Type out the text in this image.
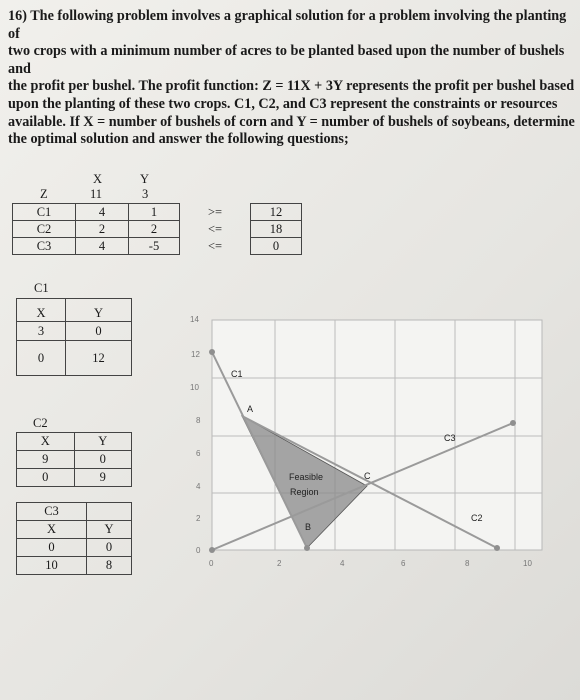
16) The following problem involves a graphical solution for a problem involving the planting of

two crops with a minimum number of acres to be planted based upon the number of bushels and

the profit per bushel. The profit function: Z = 11X + 3Y represents the profit per bushel based

upon the planting of these two crops. C1, C2, and C3 represent the constraints or resources

available. If X = number of bushels of corn and Y = number of bushels of soybeans, determine

the optimal solution and answer the following questions;

X	Y
Z	11	3
C1	4	1	>=	12
C2	2	2	<=	18
C3	4	-5	<=	0
C1
X	Y
3	0
0	12
C2
X	Y
9	0
0	9
C3	
X	Y
0	0
10	8
14
12
10
8
6
4
2
0
0	2	4	6	8	10
C1
C3
C2
A
B
C
Feasible
Region
